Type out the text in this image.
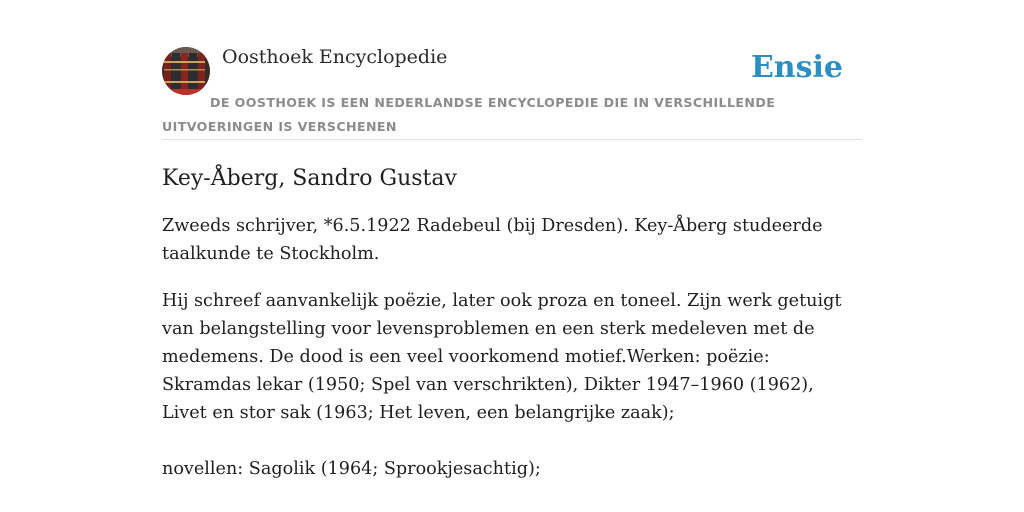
Oosthoek Encyclopedie	Ensie
DE OOSTHOEK IS EEN NEDERLANDSE ENCYCLOPEDIE DIE IN VERSCHILLENDE UITVOERINGEN IS VERSCHENEN
Key-Åberg, Sandro Gustav

Zweeds schrijver, *6.5.1922 Radebeul (bij Dresden). Key-Åberg studeerde taalkunde te Stockholm.

Hij schreef aanvankelijk poëzie, later ook proza en toneel. Zijn werk getuigt van belangstelling voor levensproblemen en een sterk medeleven met de medemens. De dood is een veel voorkomend motief.Werken: poëzie: Skramdas lekar (1950; Spel van verschrikten), Dikter 1947–1960 (1962), Livet en stor sak (1963; Het leven, een belangrijke zaak);

novellen: Sagolik (1964; Sprookjesachtig);
